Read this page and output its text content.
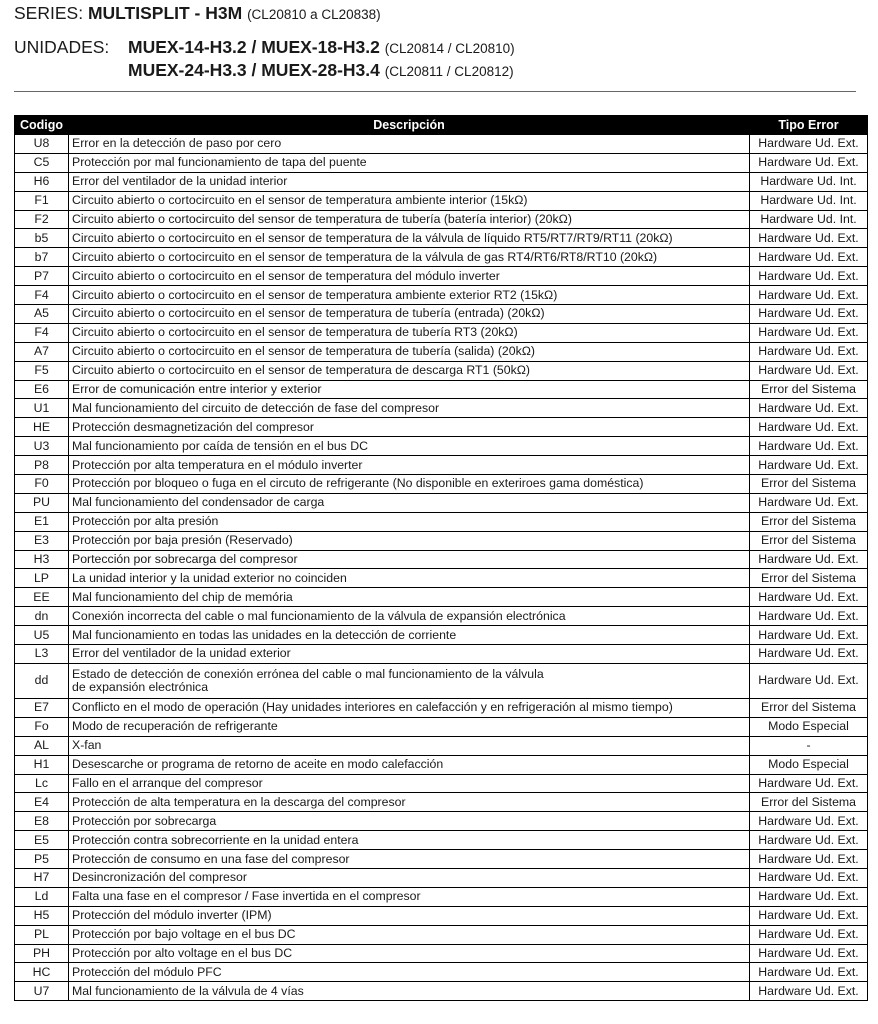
SERIES: MULTISPLIT - H3M (CL20810 a CL20838)
UNIDADES: MUEX-14-H3.2 / MUEX-18-H3.2 (CL20814 / CL20810)
MUEX-24-H3.3 / MUEX-28-H3.4 (CL20811 / CL20812)
Codigo	Descripción	Tipo Error
U8	Error en la detección de paso por cero	Hardware Ud. Ext.
C5	Protección por mal funcionamiento de tapa del puente	Hardware Ud. Ext.
H6	Error del ventilador de la unidad interior	Hardware Ud. Int.
F1	Circuito abierto o cortocircuito en el sensor de temperatura ambiente interior (15kΩ)	Hardware Ud. Int.
F2	Circuito abierto o cortocircuito del sensor de temperatura de tubería (batería interior) (20kΩ)	Hardware Ud. Int.
b5	Circuito abierto o cortocircuito en el sensor de temperatura de la válvula de líquido RT5/RT7/RT9/RT11 (20kΩ)	Hardware Ud. Ext.
b7	Circuito abierto o cortocircuito en el sensor de temperatura de la válvula de gas RT4/RT6/RT8/RT10 (20kΩ)	Hardware Ud. Ext.
P7	Circuito abierto o cortocircuito en el sensor de temperatura del módulo inverter	Hardware Ud. Ext.
F4	Circuito abierto o cortocircuito en el sensor de temperatura ambiente exterior RT2 (15kΩ)	Hardware Ud. Ext.
A5	Circuito abierto o cortocircuito en el sensor de temperatura de tubería (entrada) (20kΩ)	Hardware Ud. Ext.
F4	Circuito abierto o cortocircuito en el sensor de temperatura de tubería RT3 (20kΩ)	Hardware Ud. Ext.
A7	Circuito abierto o cortocircuito en el sensor de temperatura de tubería (salida) (20kΩ)	Hardware Ud. Ext.
F5	Circuito abierto o cortocircuito en el sensor de temperatura de descarga RT1 (50kΩ)	Hardware Ud. Ext.
E6	Error de comunicación entre interior y exterior	Error del Sistema
U1	Mal funcionamiento del circuito de detección de fase del compresor	Hardware Ud. Ext.
HE	Protección desmagnetización del compresor	Hardware Ud. Ext.
U3	Mal funcionamiento por caída de tensión en el bus DC	Hardware Ud. Ext.
P8	Protección por alta temperatura en el módulo inverter	Hardware Ud. Ext.
F0	Protección por bloqueo o fuga en el circuto de refrigerante (No disponible en exteriroes gama doméstica)	Error del Sistema
PU	Mal funcionamiento del condensador de carga	Hardware Ud. Ext.
E1	Protección por alta presión	Error del Sistema
E3	Protección por baja presión (Reservado)	Error del Sistema
H3	Portección por sobrecarga del compresor	Hardware Ud. Ext.
LP	La unidad interior y la unidad exterior no coinciden	Error del Sistema
EE	Mal funcionamiento del chip de memória	Hardware Ud. Ext.
dn	Conexión incorrecta del cable o mal funcionamiento de la válvula de expansión electrónica	Hardware Ud. Ext.
U5	Mal funcionamiento en todas las unidades en la detección de corriente	Hardware Ud. Ext.
L3	Error del ventilador de la unidad exterior	Hardware Ud. Ext.
dd	Estado de detección de conexión errónea del cable o mal funcionamiento de la válvula
de expansión electrónica	Hardware Ud. Ext.
E7	Conflicto en el modo de operación (Hay unidades interiores en calefacción y en refrigeración al mismo tiempo)	Error del Sistema
Fo	Modo de recuperación de refrigerante	Modo Especial
AL	X-fan	-
H1	Desescarche or programa de retorno de aceite en modo calefacción	Modo Especial
Lc	Fallo en el arranque del compresor	Hardware Ud. Ext.
E4	Protección de alta temperatura en la descarga del compresor	Error del Sistema
E8	Protección por sobrecarga	Hardware Ud. Ext.
E5	Protección contra sobrecorriente en la unidad entera	Hardware Ud. Ext.
P5	Protección de consumo en una fase del compresor	Hardware Ud. Ext.
H7	Desincronización del compresor	Hardware Ud. Ext.
Ld	Falta una fase en el compresor / Fase invertida en el compresor	Hardware Ud. Ext.
H5	Protección del módulo inverter (IPM)	Hardware Ud. Ext.
PL	Protección por bajo voltage en el bus DC	Hardware Ud. Ext.
PH	Protección por alto voltage en el bus DC	Hardware Ud. Ext.
HC	Protección del módulo PFC	Hardware Ud. Ext.
U7	Mal funcionamiento de la válvula de 4 vías	Hardware Ud. Ext.
